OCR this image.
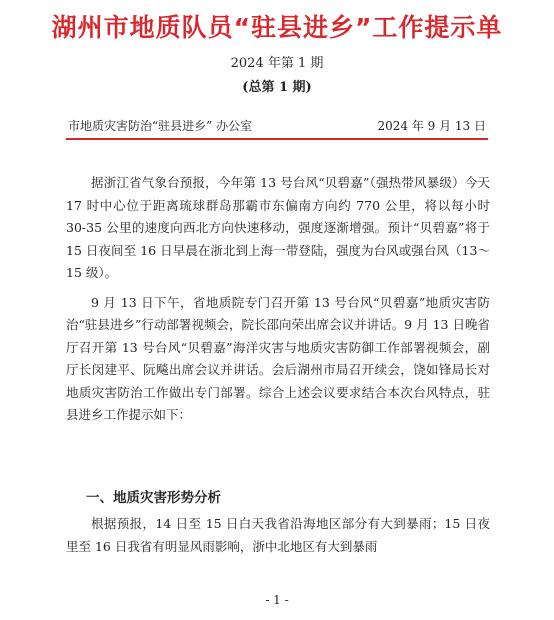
湖州市地质队员“驻县进乡”工作提示单
2024 年第 1 期
(总第 1 期)
市地质灾害防治“驻县进乡” 办公室	2024 年 9 月 13 日

据浙江省气象台预报，今年第 13 号台风“贝碧嘉”（强热带风暴级）今天 17 时中心位于距离琉球群岛那霸市东偏南方向约 770 公里，将以每小时 30-35 公里的速度向西北方向快速移动，强度逐渐增强。预计“贝碧嘉”将于 15 日夜间至 16 日早晨在浙北到上海一带登陆，强度为台风或强台风（13～15 级）。

9 月 13 日下午，省地质院专门召开第 13 号台风“贝碧嘉”地质灾害防治“驻县进乡”行动部署视频会，院长邵向荣出席会议并讲话。9 月 13 日晚省厅召开第 13 号台风“贝碧嘉”海洋灾害与地质灾害防御工作部署视频会，副厅长闵建平、阮飚出席会议并讲话。会后湖州市局召开续会，饶如锋局长对地质灾害防治工作做出专门部署。综合上述会议要求结合本次台风特点，驻县进乡工作提示如下：

一、地质灾害形势分析

根据预报，14 日至 15 日白天我省沿海地区部分有大到暴雨；15 日夜里至 16 日我省有明显风雨影响，浙中北地区有大到暴雨

- 1 -
